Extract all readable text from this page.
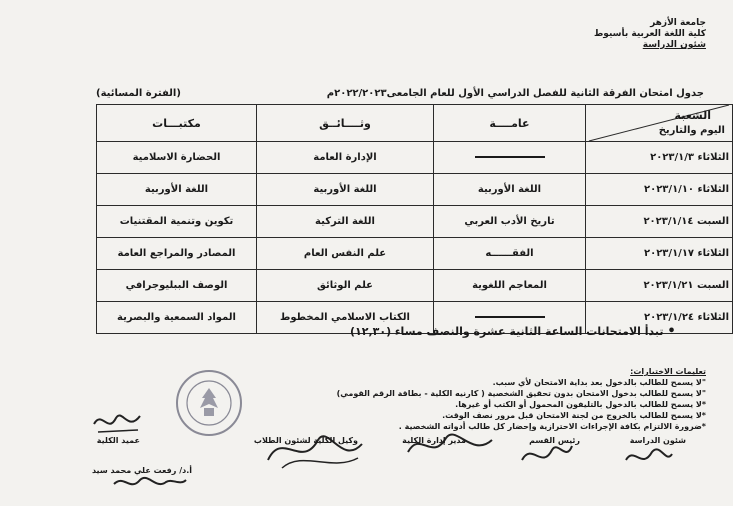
جامعة الأزهر
كلية اللغة العربية بأسيوط
شئون الدراسة
جدول امتحان الفرقة الثانية للفصل الدراسي الأول للعام الجامعى٢٠٢٢/٢٠٢٣م
(الفترة المسائية)
الشعبة
اليوم والتاريخ	عامــــة	وثــــائــق	مكتبـــات
الثلاثاء ٢٠٢٣/١/٣		الإدارة العامة	الحضارة الاسلامية
الثلاثاء ٢٠٢٣/١/١٠	اللغة الأوربية	اللغة الأوربية	اللغة الأوربية
السبت ٢٠٢٣/١/١٤	تاريخ الأدب العربي	اللغة التركية	تكوين وتنمية المقتنيات
الثلاثاء ٢٠٢٣/١/١٧	الفقــــــه	علم النفس العام	المصادر والمراجع العامة
السبت ٢٠٢٣/١/٢١	المعاجم اللغوية	علم الوثائق	الوصف الببليوجرافي
الثلاثاء ٢٠٢٣/١/٢٤		الكتاب الاسلامي المخطوط	المواد السمعية والبصرية
• تبدأ الامتحانات الساعة الثانية عشرة والنصف مساء (١٢,٣٠)
تعليمات الاختبارات:
"لا يسمح للطالب بالدخول بعد بداية الامتحان لأي سبب.
"لا يسمح للطالب بدخول الامتحان بدون تحقيق الشخصية ( كارنيه الكلية - بطاقة الرقم القومي)
*لا يسمح للطالب بالدخول بالتليفون المحمول أو الكتب أو غيرها.
*لا يسمح للطالب بالخروج من لجنة الامتحان قبل مرور نصف الوقت.
*ضرورة الالتزام بكافة الإجراءات الاحترازية وإحضار كل طالب أدواته الشخصية .
شئون الدراسة
رئيس القسم
مدير إدارة الكلية
وكيل الكلية لشئون الطلاب
عميد الكلية
أ.د/ رفعت علي محمد سيد
